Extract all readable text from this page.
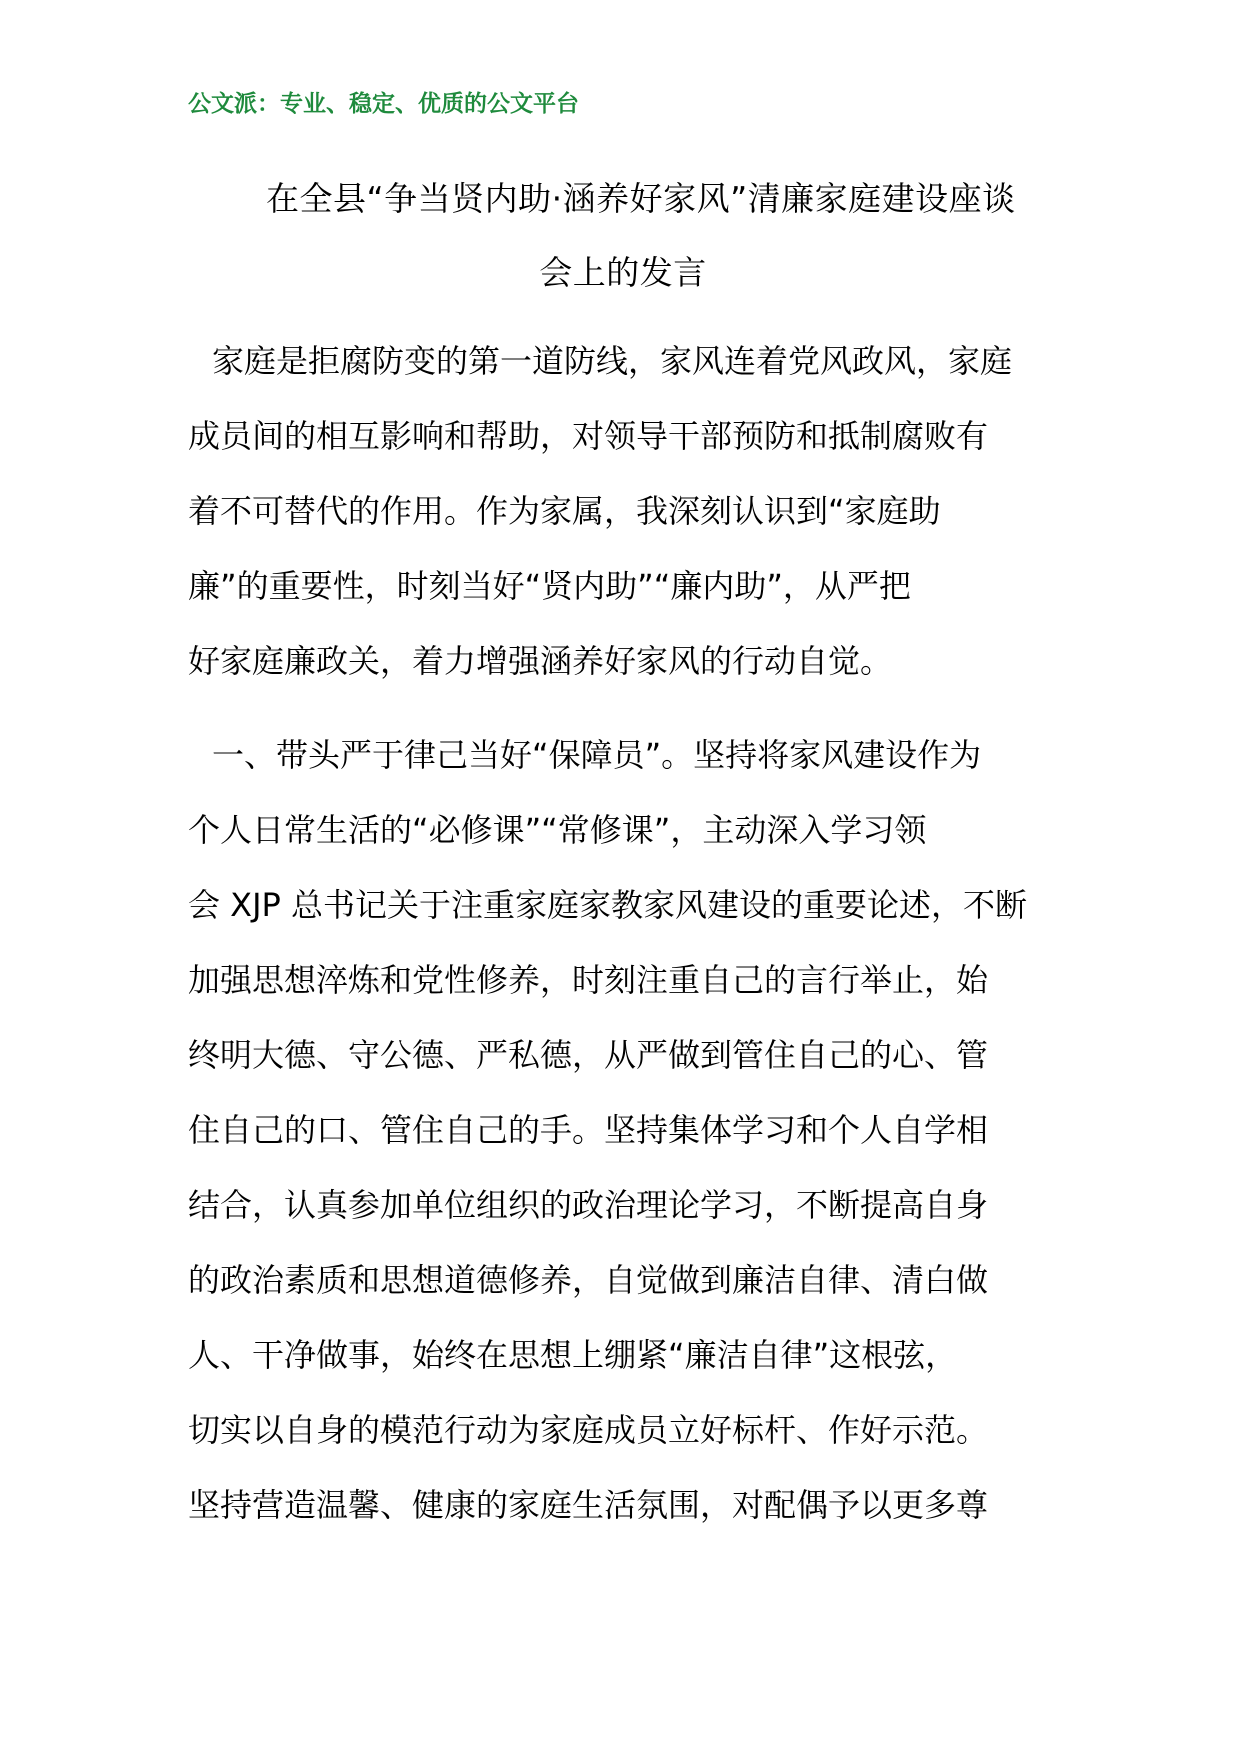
公文派：专业、稳定、优质的公文平台
在全县“争当贤内助·涵养好家风”清廉家庭建设座谈
会上的发言
家庭是拒腐防变的第一道防线，家风连着党风政风，家庭
成员间的相互影响和帮助，对领导干部预防和抵制腐败有
着不可替代的作用。作为家属，我深刻认识到“家庭助
廉”的重要性，时刻当好“贤内助”“廉内助”，从严把
好家庭廉政关，着力增强涵养好家风的行动自觉。
一、带头严于律己当好“保障员”。坚持将家风建设作为
个人日常生活的“必修课”“常修课”，主动深入学习领
会 XJP 总书记关于注重家庭家教家风建设的重要论述，不断
加强思想淬炼和党性修养，时刻注重自己的言行举止，始
终明大德、守公德、严私德，从严做到管住自己的心、管
住自己的口、管住自己的手。坚持集体学习和个人自学相
结合，认真参加单位组织的政治理论学习，不断提高自身
的政治素质和思想道德修养，自觉做到廉洁自律、清白做
人、干净做事，始终在思想上绷紧“廉洁自律”这根弦，
切实以自身的模范行动为家庭成员立好标杆、作好示范。
坚持营造温馨、健康的家庭生活氛围，对配偶予以更多尊
